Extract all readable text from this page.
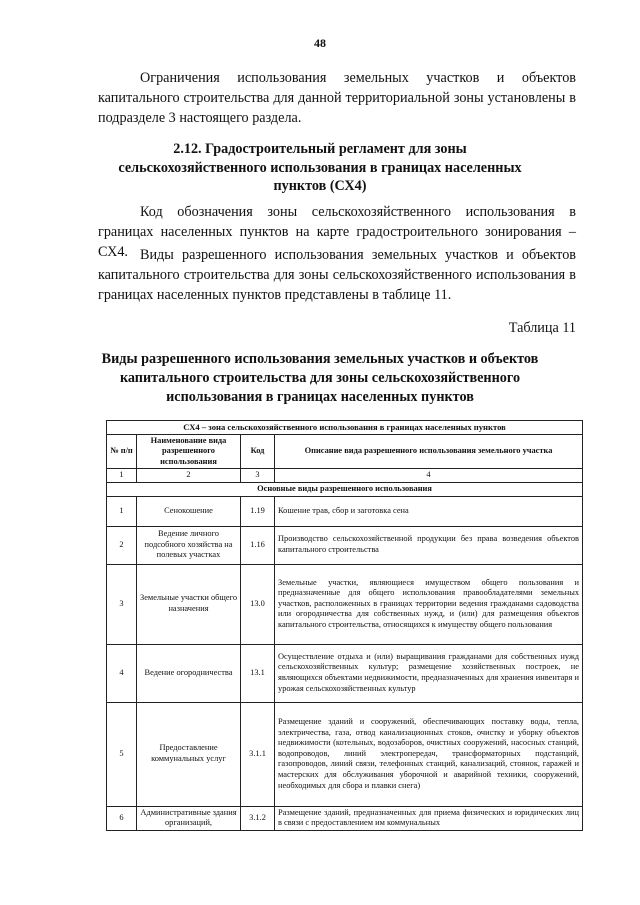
48
Ограничения использования земельных участков и объектов капитального строительства для данной территориальной зоны установлены в подразделе 3 настоящего раздела.
2.12. Градостроительный регламент для зоны сельскохозяйственного использования в границах населенных пунктов (СХ4)

Код обозначения зоны сельскохозяйственного использования в границах населенных пунктов на карте градостроительного зонирования – СХ4. Виды разрешенного использования земельных участков и объектов капитального строительства для зоны сельскохозяйственного использования в границах населенных пунктов представлены в таблице 11.

Таблица 11
Виды разрешенного использования земельных участков и объектов капитального строительства для зоны сельскохозяйственного использования в границах населенных пунктов
СХ4 – зона сельскохозяйственного использования в границах населенных пунктов			
№ п/п	Наименование вида разрешенного использования	Код	Описание вида разрешенного использования земельного участка
1	2	3	4
Основные виды разрешенного использования			
1	Сенокошение	1.19	Кошение трав, сбор и заготовка сена
2	Ведение личного подсобного хозяйства на полевых участках	1.16	Производство сельскохозяйственной продукции без права возведения объектов капитального строительства
3	Земельные участки общего назначения	13.0	Земельные участки, являющиеся имуществом общего пользования и предназначенные для общего использования правообладателями земельных участков, расположенных в границах территории ведения гражданами садоводства или огородничества для собственных нужд, и (или) для размещения объектов капитального строительства, относящихся к имуществу общего пользования
4	Ведение огородничества	13.1	Осуществление отдыха и (или) выращивания гражданами для собственных нужд сельскохозяйственных культур; размещение хозяйственных построек, не являющихся объектами недвижимости, предназначенных для хранения инвентаря и урожая сельскохозяйственных культур
5	Предоставление коммунальных услуг	3.1.1	Размещение зданий и сооружений, обеспечивающих поставку воды, тепла, электричества, газа, отвод канализационных стоков, очистку и уборку объектов недвижимости (котельных, водозаборов, очистных сооружений, насосных станций, водопроводов, линий электропередач, трансформаторных подстанций, газопроводов, линий связи, телефонных станций, канализаций, стоянок, гаражей и мастерских для обслуживания уборочной и аварийной техники, сооружений, необходимых для сбора и плавки снега)
6	Административные здания организаций,	3.1.2	Размещение зданий, предназначенных для приема физических и юридических лиц в связи с предоставлением им коммунальных
